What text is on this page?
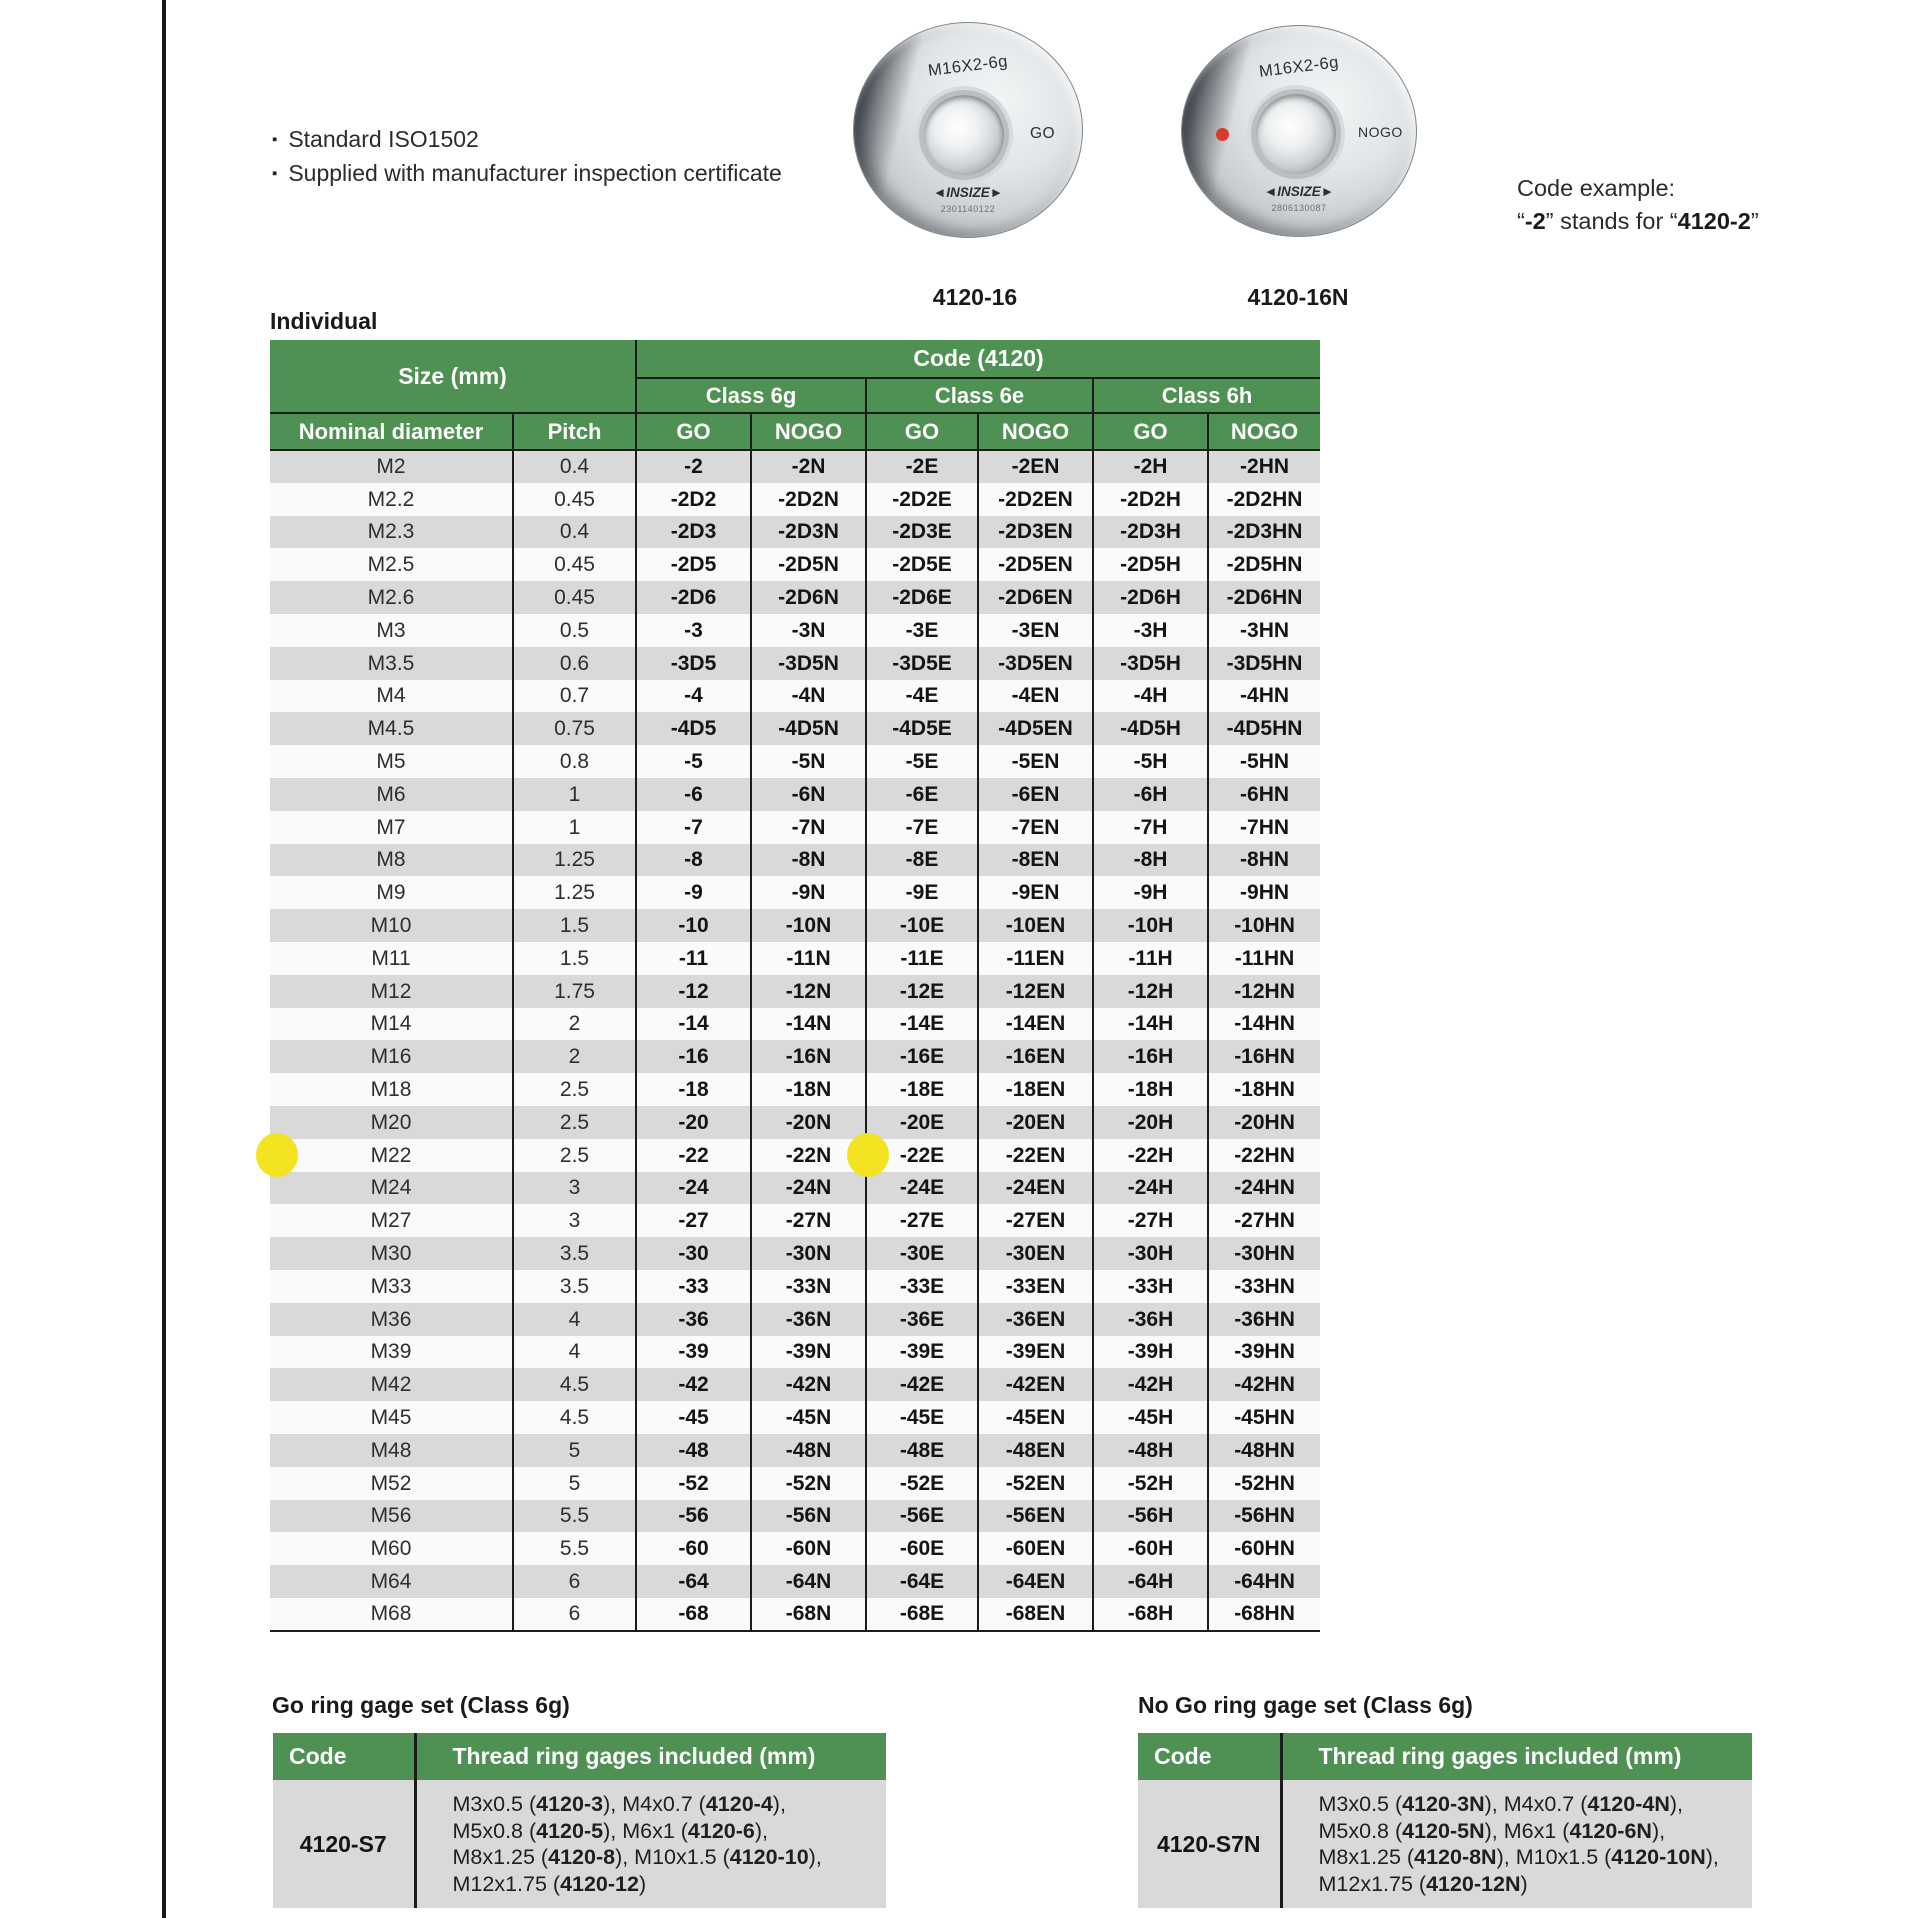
▪ Standard ISO1502
▪ Supplied with manufacturer inspection certificate
M16X2-6g
GO
◄INSIZE►
2301140122
4120-16
M16X2-6g
NOGO
◄INSIZE►
2806130087
4120-16N
Code example:
“-2” stands for “4120-2”
Individual
Size (mm)		Code (4120)					
		Class 6g		Class 6e		Class 6h	
Nominal diameter	Pitch	GO	NOGO	GO	NOGO	GO	NOGO
M2	0.4	-2	-2N	-2E	-2EN	-2H	-2HN
M2.2	0.45	-2D2	-2D2N	-2D2E	-2D2EN	-2D2H	-2D2HN
M2.3	0.4	-2D3	-2D3N	-2D3E	-2D3EN	-2D3H	-2D3HN
M2.5	0.45	-2D5	-2D5N	-2D5E	-2D5EN	-2D5H	-2D5HN
M2.6	0.45	-2D6	-2D6N	-2D6E	-2D6EN	-2D6H	-2D6HN
M3	0.5	-3	-3N	-3E	-3EN	-3H	-3HN
M3.5	0.6	-3D5	-3D5N	-3D5E	-3D5EN	-3D5H	-3D5HN
M4	0.7	-4	-4N	-4E	-4EN	-4H	-4HN
M4.5	0.75	-4D5	-4D5N	-4D5E	-4D5EN	-4D5H	-4D5HN
M5	0.8	-5	-5N	-5E	-5EN	-5H	-5HN
M6	1	-6	-6N	-6E	-6EN	-6H	-6HN
M7	1	-7	-7N	-7E	-7EN	-7H	-7HN
M8	1.25	-8	-8N	-8E	-8EN	-8H	-8HN
M9	1.25	-9	-9N	-9E	-9EN	-9H	-9HN
M10	1.5	-10	-10N	-10E	-10EN	-10H	-10HN
M11	1.5	-11	-11N	-11E	-11EN	-11H	-11HN
M12	1.75	-12	-12N	-12E	-12EN	-12H	-12HN
M14	2	-14	-14N	-14E	-14EN	-14H	-14HN
M16	2	-16	-16N	-16E	-16EN	-16H	-16HN
M18	2.5	-18	-18N	-18E	-18EN	-18H	-18HN
M20	2.5	-20	-20N	-20E	-20EN	-20H	-20HN
M22	2.5	-22	-22N	-22E	-22EN	-22H	-22HN
M24	3	-24	-24N	-24E	-24EN	-24H	-24HN
M27	3	-27	-27N	-27E	-27EN	-27H	-27HN
M30	3.5	-30	-30N	-30E	-30EN	-30H	-30HN
M33	3.5	-33	-33N	-33E	-33EN	-33H	-33HN
M36	4	-36	-36N	-36E	-36EN	-36H	-36HN
M39	4	-39	-39N	-39E	-39EN	-39H	-39HN
M42	4.5	-42	-42N	-42E	-42EN	-42H	-42HN
M45	4.5	-45	-45N	-45E	-45EN	-45H	-45HN
M48	5	-48	-48N	-48E	-48EN	-48H	-48HN
M52	5	-52	-52N	-52E	-52EN	-52H	-52HN
M56	5.5	-56	-56N	-56E	-56EN	-56H	-56HN
M60	5.5	-60	-60N	-60E	-60EN	-60H	-60HN
M64	6	-64	-64N	-64E	-64EN	-64H	-64HN
M68	6	-68	-68N	-68E	-68EN	-68H	-68HN
Go ring gage set (Class 6g)
Code	Thread ring gages included (mm)
4120-S7	M3x0.5 (4120-3), M4x0.7 (4120-4),
M5x0.8 (4120-5), M6x1 (4120-6),
M8x1.25 (4120-8), M10x1.5 (4120-10),
M12x1.75 (4120-12)
No Go ring gage set (Class 6g)
Code	Thread ring gages included (mm)
4120-S7N	M3x0.5 (4120-3N), M4x0.7 (4120-4N),
M5x0.8 (4120-5N), M6x1 (4120-6N),
M8x1.25 (4120-8N), M10x1.5 (4120-10N),
M12x1.75 (4120-12N)
